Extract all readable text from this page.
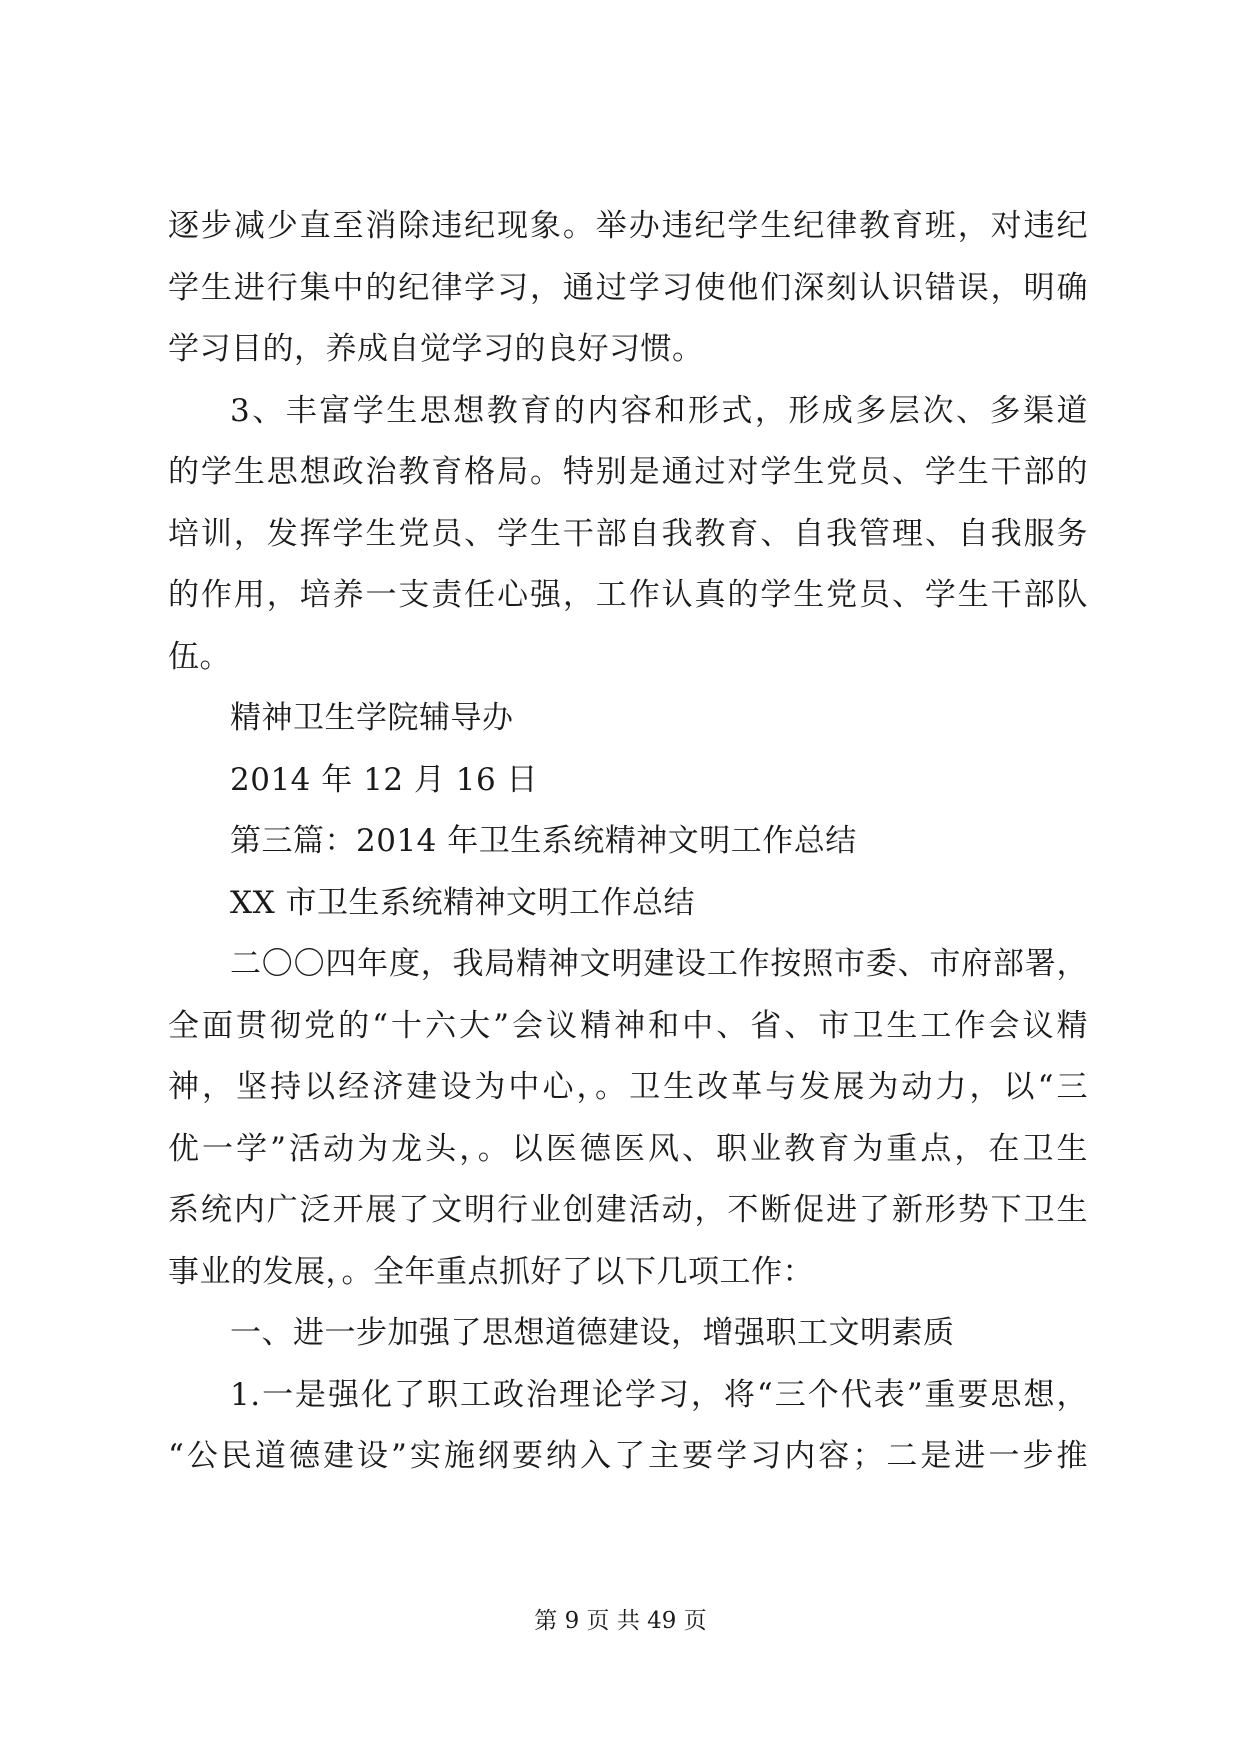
逐步减少直至消除违纪现象。举办违纪学生纪律教育班，对违纪
学生进行集中的纪律学习，通过学习使他们深刻认识错误，明确
学习目的，养成自觉学习的良好习惯。
3、丰富学生思想教育的内容和形式，形成多层次、多渠道
的学生思想政治教育格局。特别是通过对学生党员、学生干部的
培训，发挥学生党员、学生干部自我教育、自我管理、自我服务
的作用，培养一支责任心强，工作认真的学生党员、学生干部队
伍。
精神卫生学院辅导办
2014 年 12 月 16 日
第三篇：2014 年卫生系统精神文明工作总结
XX 市卫生系统精神文明工作总结
二〇〇四年度，我局精神文明建设工作按照市委、市府部署，
全面贯彻党的“十六大”会议精神和中、省、市卫生工作会议精
神，坚持以经济建设为中心，。卫生改革与发展为动力，以“三
优一学”活动为龙头，。以医德医风、职业教育为重点，在卫生
系统内广泛开展了文明行业创建活动，不断促进了新形势下卫生
事业的发展，。全年重点抓好了以下几项工作：
一、进一步加强了思想道德建设，增强职工文明素质
1.一是强化了职工政治理论学习，将“三个代表”重要思想，
“公民道德建设”实施纲要纳入了主要学习内容；二是进一步推
第 9 页 共 49 页
